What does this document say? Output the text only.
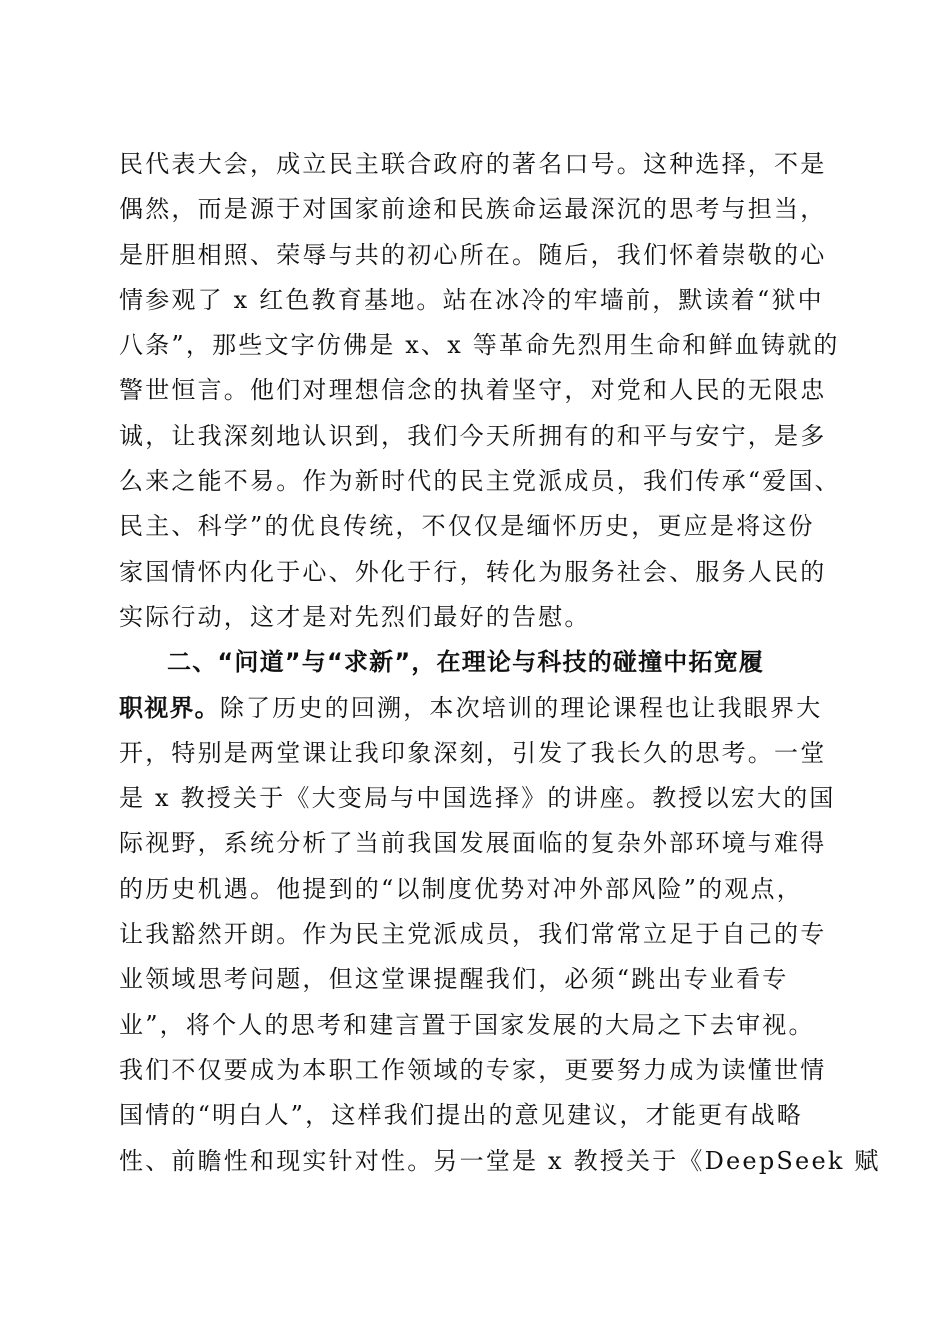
民代表大会，成立民主联合政府的著名口号。这种选择，不是
偶然，而是源于对国家前途和民族命运最深沉的思考与担当，
是肝胆相照、荣辱与共的初心所在。随后，我们怀着崇敬的心
情参观了 x 红色教育基地。站在冰冷的牢墙前，默读着“狱中
八条”，那些文字仿佛是 x、x 等革命先烈用生命和鲜血铸就的
警世恒言。他们对理想信念的执着坚守，对党和人民的无限忠
诚，让我深刻地认识到，我们今天所拥有的和平与安宁，是多
么来之能不易。作为新时代的民主党派成员，我们传承“爱国、
民主、科学”的优良传统，不仅仅是缅怀历史，更应是将这份
家国情怀内化于心、外化于行，转化为服务社会、服务人民的
实际行动，这才是对先烈们最好的告慰。
二、“问道”与“求新”，在理论与科技的碰撞中拓宽履
职视界。除了历史的回溯，本次培训的理论课程也让我眼界大
开，特别是两堂课让我印象深刻，引发了我长久的思考。一堂
是 x 教授关于《大变局与中国选择》的讲座。教授以宏大的国
际视野，系统分析了当前我国发展面临的复杂外部环境与难得
的历史机遇。他提到的“以制度优势对冲外部风险”的观点，
让我豁然开朗。作为民主党派成员，我们常常立足于自己的专
业领域思考问题，但这堂课提醒我们，必须“跳出专业看专
业”，将个人的思考和建言置于国家发展的大局之下去审视。
我们不仅要成为本职工作领域的专家，更要努力成为读懂世情
国情的“明白人”，这样我们提出的意见建议，才能更有战略
性、前瞻性和现实针对性。另一堂是 x 教授关于《DeepSeek 赋
